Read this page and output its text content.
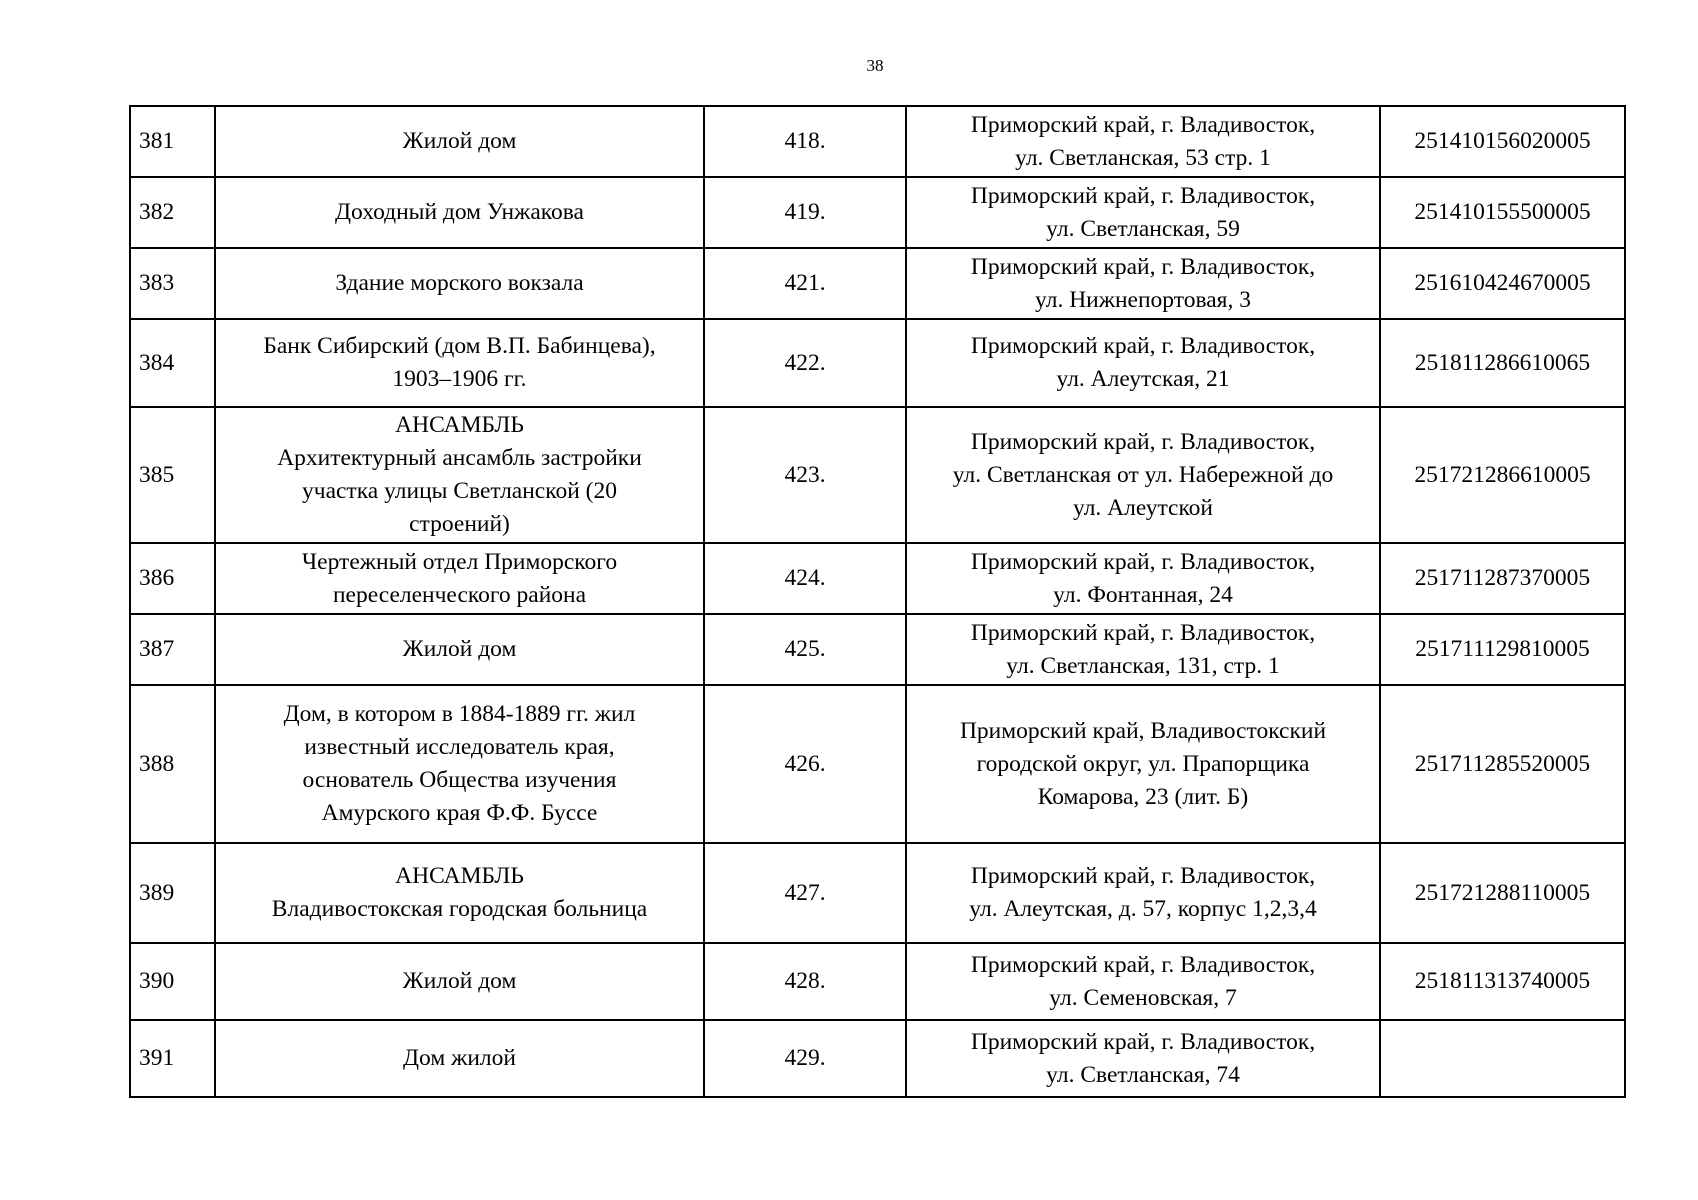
38
381	Жилой дом	418.	Приморский край, г. Владивосток,
ул. Светланская, 53 стр. 1	251410156020005
382	Доходный дом Унжакова	419.	Приморский край, г. Владивосток,
ул. Светланская, 59	251410155500005
383	Здание морского вокзала	421.	Приморский край, г. Владивосток,
ул. Нижнепортовая, 3	251610424670005
384	Банк Сибирский (дом В.П. Бабинцева),
1903–1906 гг.	422.	Приморский край, г. Владивосток,
ул. Алеутская, 21	251811286610065
385	АНСАМБЛЬ
Архитектурный ансамбль застройки
участка улицы Светланской (20
строений)	423.	Приморский край, г. Владивосток,
ул. Светланская от ул. Набережной до
ул. Алеутской	251721286610005
386	Чертежный отдел Приморского
переселенческого района	424.	Приморский край, г. Владивосток,
ул. Фонтанная, 24	251711287370005
387	Жилой дом	425.	Приморский край, г. Владивосток,
ул. Светланская, 131, стр. 1	251711129810005
388	Дом, в котором в 1884-1889 гг. жил
известный исследователь края,
основатель Общества изучения
Амурского края Ф.Ф. Буссе	426.	Приморский край, Владивостокский
городской округ, ул. Прапорщика
Комарова, 23 (лит. Б)	251711285520005
389	АНСАМБЛЬ
Владивостокская городская больница	427.	Приморский край, г. Владивосток,
ул. Алеутская, д. 57, корпус 1,2,3,4	251721288110005
390	Жилой дом	428.	Приморский край, г. Владивосток,
ул. Семеновская, 7	251811313740005
391	Дом жилой	429.	Приморский край, г. Владивосток,
ул. Светланская, 74	
